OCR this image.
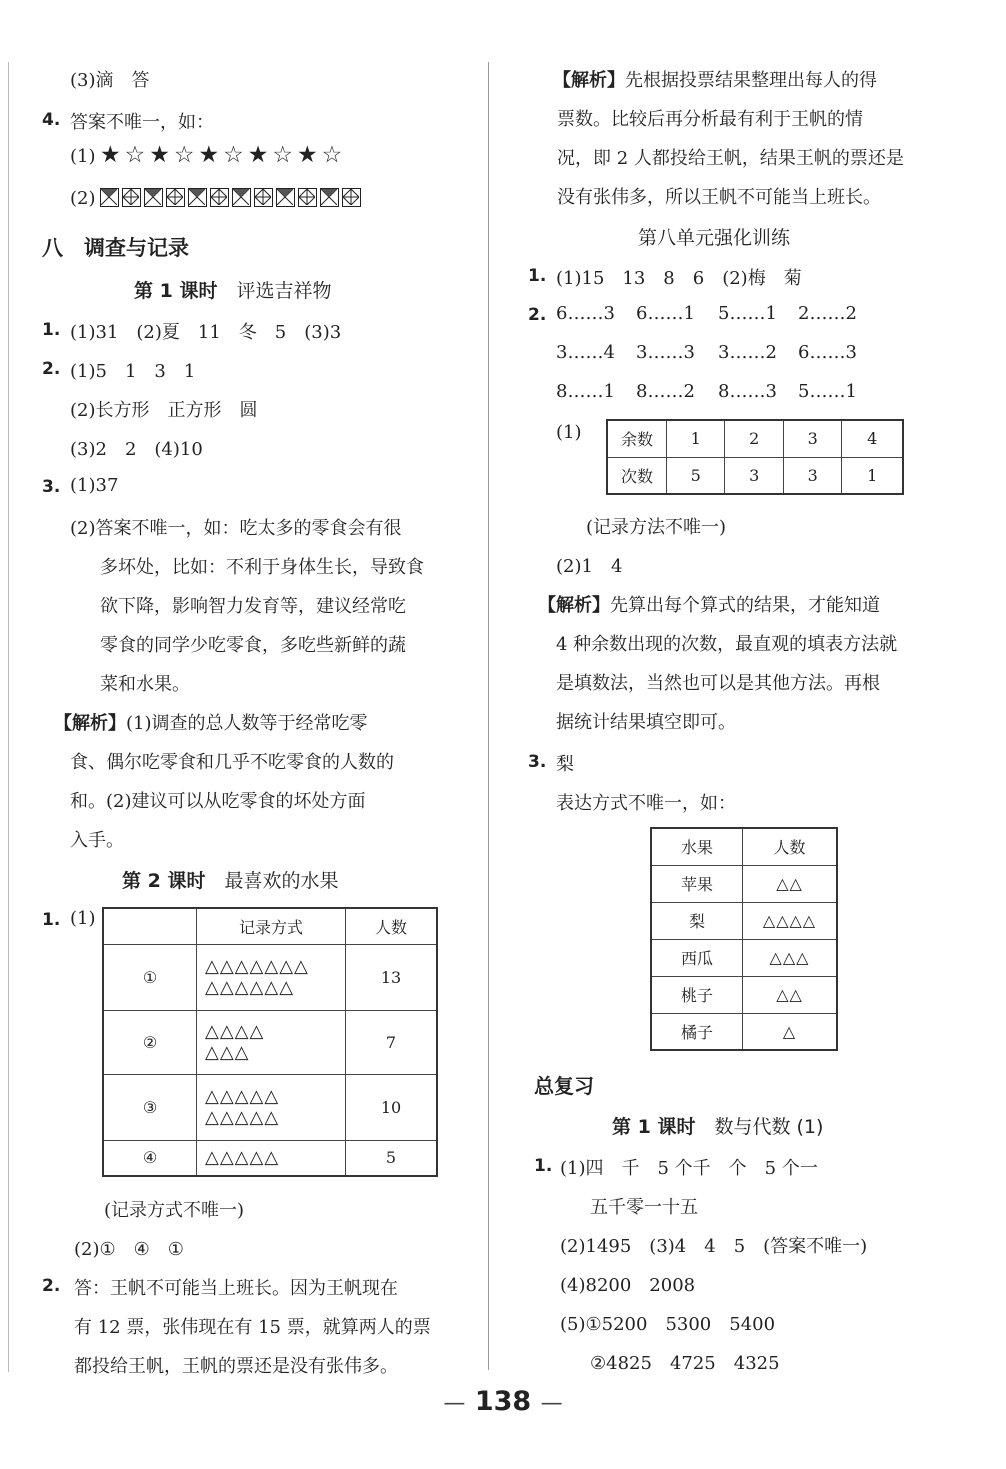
(3)滴　答
4. 答案不唯一，如：
(1) ★☆★☆★☆★☆★☆
(2)
八　调查与记录
第 1 课时　 评选吉祥物
1. (1)31　(2)夏　11　冬　5　(3)3
2. (1)5　1　3　1
(2)长方形　正方形　圆
(3)2　2　(4)10
3. (1)37
(2)答案不唯一，如：吃太多的零食会有很
多坏处，比如：不利于身体生长，导致食
欲下降，影响智力发育等，建议经常吃
零食的同学少吃零食，多吃些新鲜的蔬
菜和水果。
【解析】(1)调查的总人数等于经常吃零
食、偶尔吃零食和几乎不吃零食的人数的
和。(2)建议可以从吃零食的坏处方面
入手。
第 2 课时　 最喜欢的水果
1. (1)
		记录方式	人数
①	△△△△△△△
△△△△△△	13
②	△△△△
△△△	7
③	△△△△△
△△△△△	10
④	△△△△△	5
(记录方式不唯一)
(2)①　④　①
2. 答：王帆不可能当上班长。因为王帆现在
有 12 票，张伟现在有 15 票，就算两人的票
都投给王帆，王帆的票还是没有张伟多。
【解析】先根据投票结果整理出每人的得
票数。比较后再分析最有利于王帆的情
况，即 2 人都投给王帆，结果王帆的票还是
没有张伟多，所以王帆不可能当上班长。
第八单元强化训练
1. (1)15　13　8　6　(2)梅　菊
2. 6……3 6……1 5……1 2……2
3……4 3……3 3……2 6……3
8……1 8……2 8……3 5……1
(1) 余数	1	2	3	4
次数	5	3	3	1
(记录方法不唯一)
(2)1　4
【解析】先算出每个算式的结果，才能知道
4 种余数出现的次数，最直观的填表方法就
是填数法，当然也可以是其他方法。再根
据统计结果填空即可。
3. 梨
表达方式不唯一，如：
水果	人数
苹果	△△
梨	△△△△
西瓜	△△△
桃子	△△
橘子	△
总复习
第 1 课时　 数与代数 (1)
1. (1)四　千　5 个千　个　5 个一
五千零一十五
(2)1495　(3)4　4　5　(答案不唯一)
(4)8200　2008
(5)①5200　5300　5400
②4825　4725　4325
— 138 —
